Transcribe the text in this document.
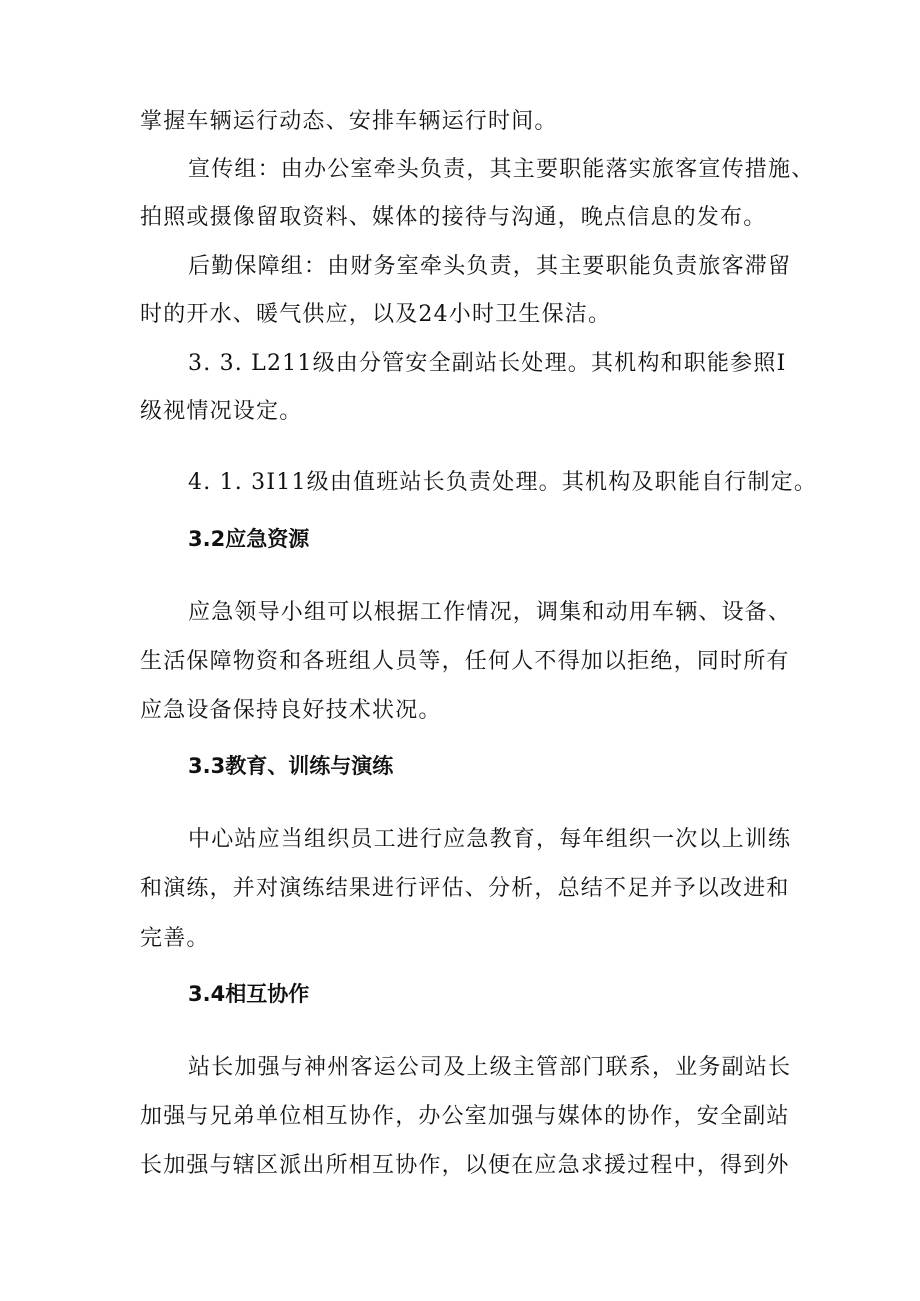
掌握车辆运行动态、安排车辆运行时间。
宣传组：由办公室牵头负责，其主要职能落实旅客宣传措施、
拍照或摄像留取资料、媒体的接待与沟通，晚点信息的发布。
后勤保障组：由财务室牵头负责，其主要职能负责旅客滞留
时的开水、暖气供应，以及24小时卫生保洁。
3. 3. L211级由分管安全副站长处理。其机构和职能参照Ⅰ
级视情况设定。
4. 1. 3I11级由值班站长负责处理。其机构及职能自行制定。
3.2应急资源
应急领导小组可以根据工作情况，调集和动用车辆、设备、
生活保障物资和各班组人员等，任何人不得加以拒绝，同时所有
应急设备保持良好技术状况。
3.3教育、训练与演练
中心站应当组织员工进行应急教育，每年组织一次以上训练
和演练，并对演练结果进行评估、分析，总结不足并予以改进和
完善。
3.4相互协作
站长加强与神州客运公司及上级主管部门联系，业务副站长
加强与兄弟单位相互协作，办公室加强与媒体的协作，安全副站
长加强与辖区派出所相互协作，以便在应急求援过程中，得到外
